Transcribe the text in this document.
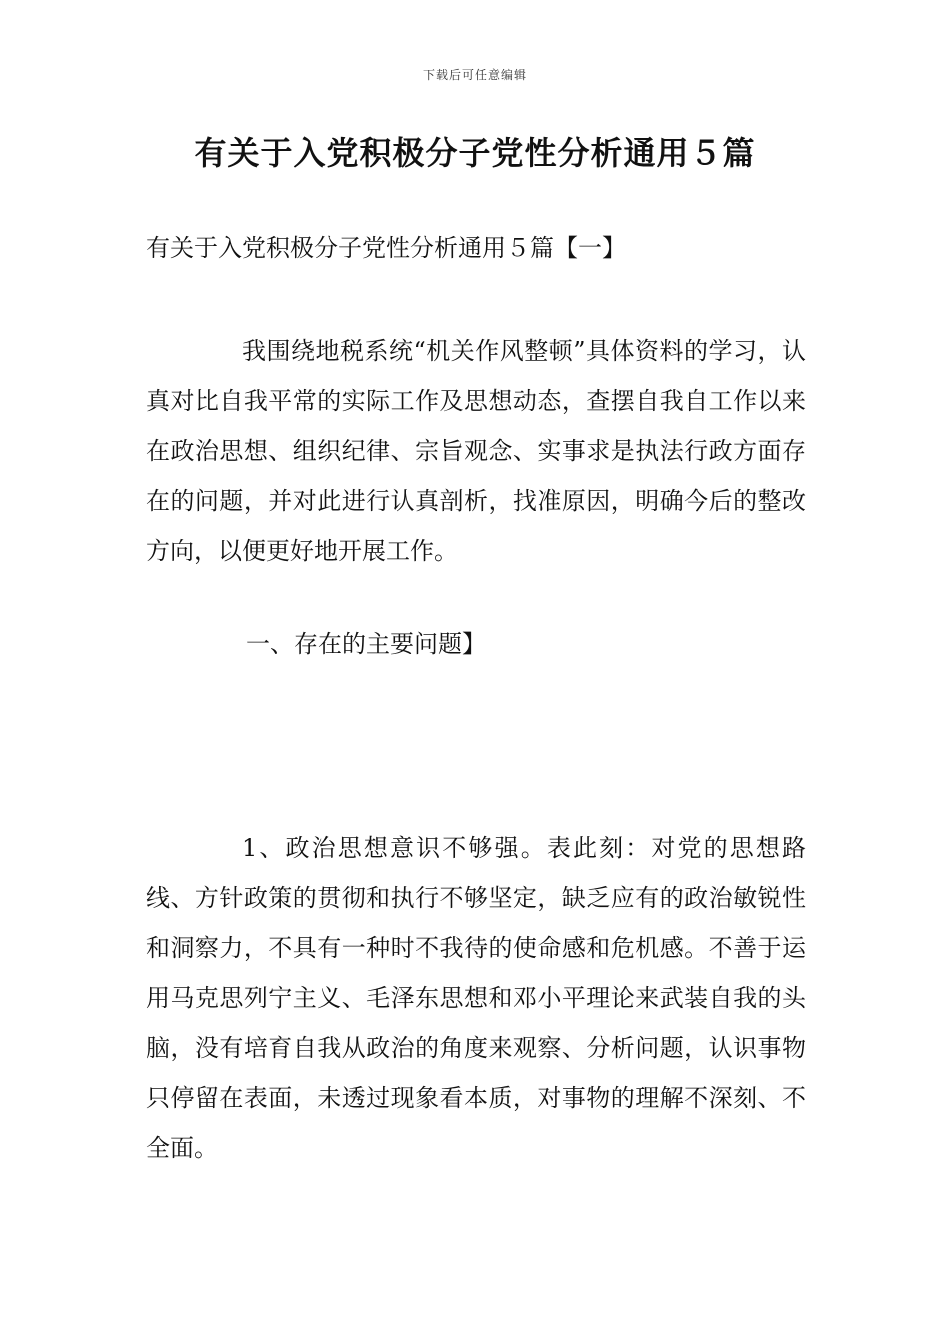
下载后可任意编辑
有关于入党积极分子党性分析通用５篇
有关于入党积极分子党性分析通用５篇【一】

我围绕地税系统“机关作风整顿”具体资料的学习，认真对比自我平常的实际工作及思想动态，查摆自我自工作以来在政治思想、组织纪律、宗旨观念、实事求是执法行政方面存在的问题，并对此进行认真剖析，找准原因，明确今后的整改方向，以便更好地开展工作。

一、存在的主要问题】

1、政治思想意识不够强。表此刻：对党的思想路线、方针政策的贯彻和执行不够坚定，缺乏应有的政治敏锐性和洞察力，不具有一种时不我待的使命感和危机感。不善于运用马克思列宁主义、毛泽东思想和邓小平理论来武装自我的头脑，没有培育自我从政治的角度来观察、分析问题，认识事物只停留在表面，未透过现象看本质，对事物的理解不深刻、不全面。
